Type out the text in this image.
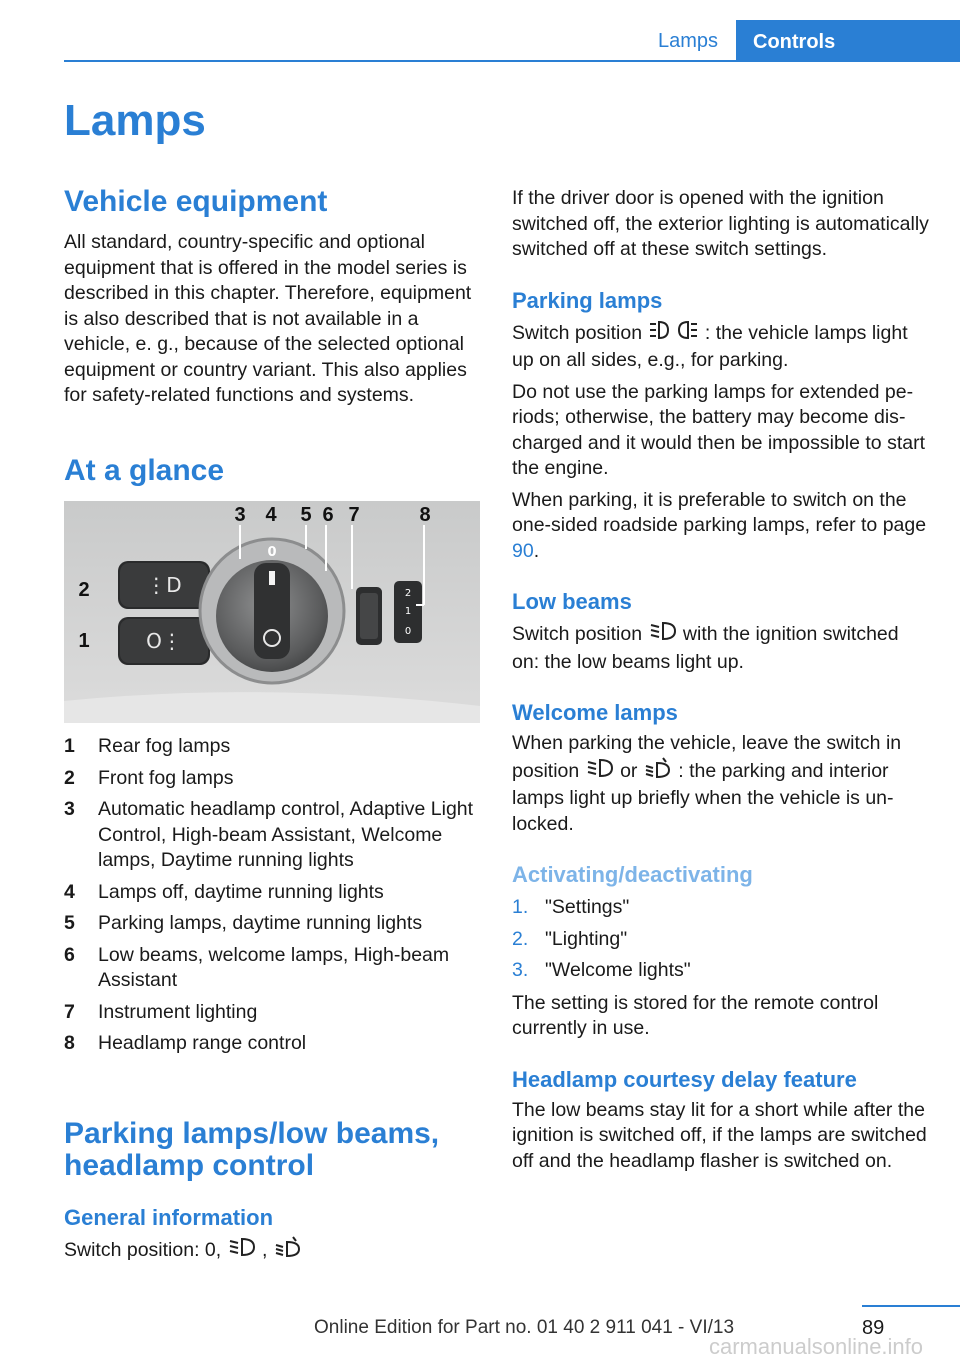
Lamps	Controls
Lamps
Vehicle equipment

All standard, country-specific and optional equipment that is offered in the model series is described in this chapter. Therefore, equipment is also described that is not available in a vehicle, e. g., because of the selected optional equipment or country variant. This also applies for safety-related functions and systems.

At a glance
⋮D
O⋮
0
2
1
0
3 4 5 6 7	8
2
1
1	Rear fog lamps
2	Front fog lamps
3	Automatic headlamp control, Adaptive Light Control, High-beam Assistant, Welcome lamps, Daytime running lights
4	Lamps off, daytime running lights
5	Parking lamps, daytime running lights
6	Low beams, welcome lamps, High-beam Assistant
7	Instrument lighting
8	Headlamp range control
Parking lamps/low beams, headlamp control
General information

Switch position: 0, ,

If the driver door is opened with the ignition switched off, the exterior lighting is automatically switched off at these switch settings.

Parking lamps

Switch position	: the vehicle lamps light up on all sides, e.g., for parking.

Do not use the parking lamps for extended periods; otherwise, the battery may become discharged and it would then be impossible to start the engine.

When parking, it is preferable to switch on the one-sided roadside parking lamps, refer to page 90.

Low beams

Switch position with the ignition switched on: the low beams light up.

Welcome lamps

When parking the vehicle, leave the switch in position or : the parking and interior lamps light up briefly when the vehicle is unlocked.

Activating/deactivating
1. "Settings"
2. "Lighting"
3. "Welcome lights"

The setting is stored for the remote control currently in use.

Headlamp courtesy delay feature

The low beams stay lit for a short while after the ignition is switched off, if the lamps are switched off and the headlamp flasher is switched on.

89
Online Edition for Part no. 01 40 2 911 041 - VI/13
carmanualsonline.info
